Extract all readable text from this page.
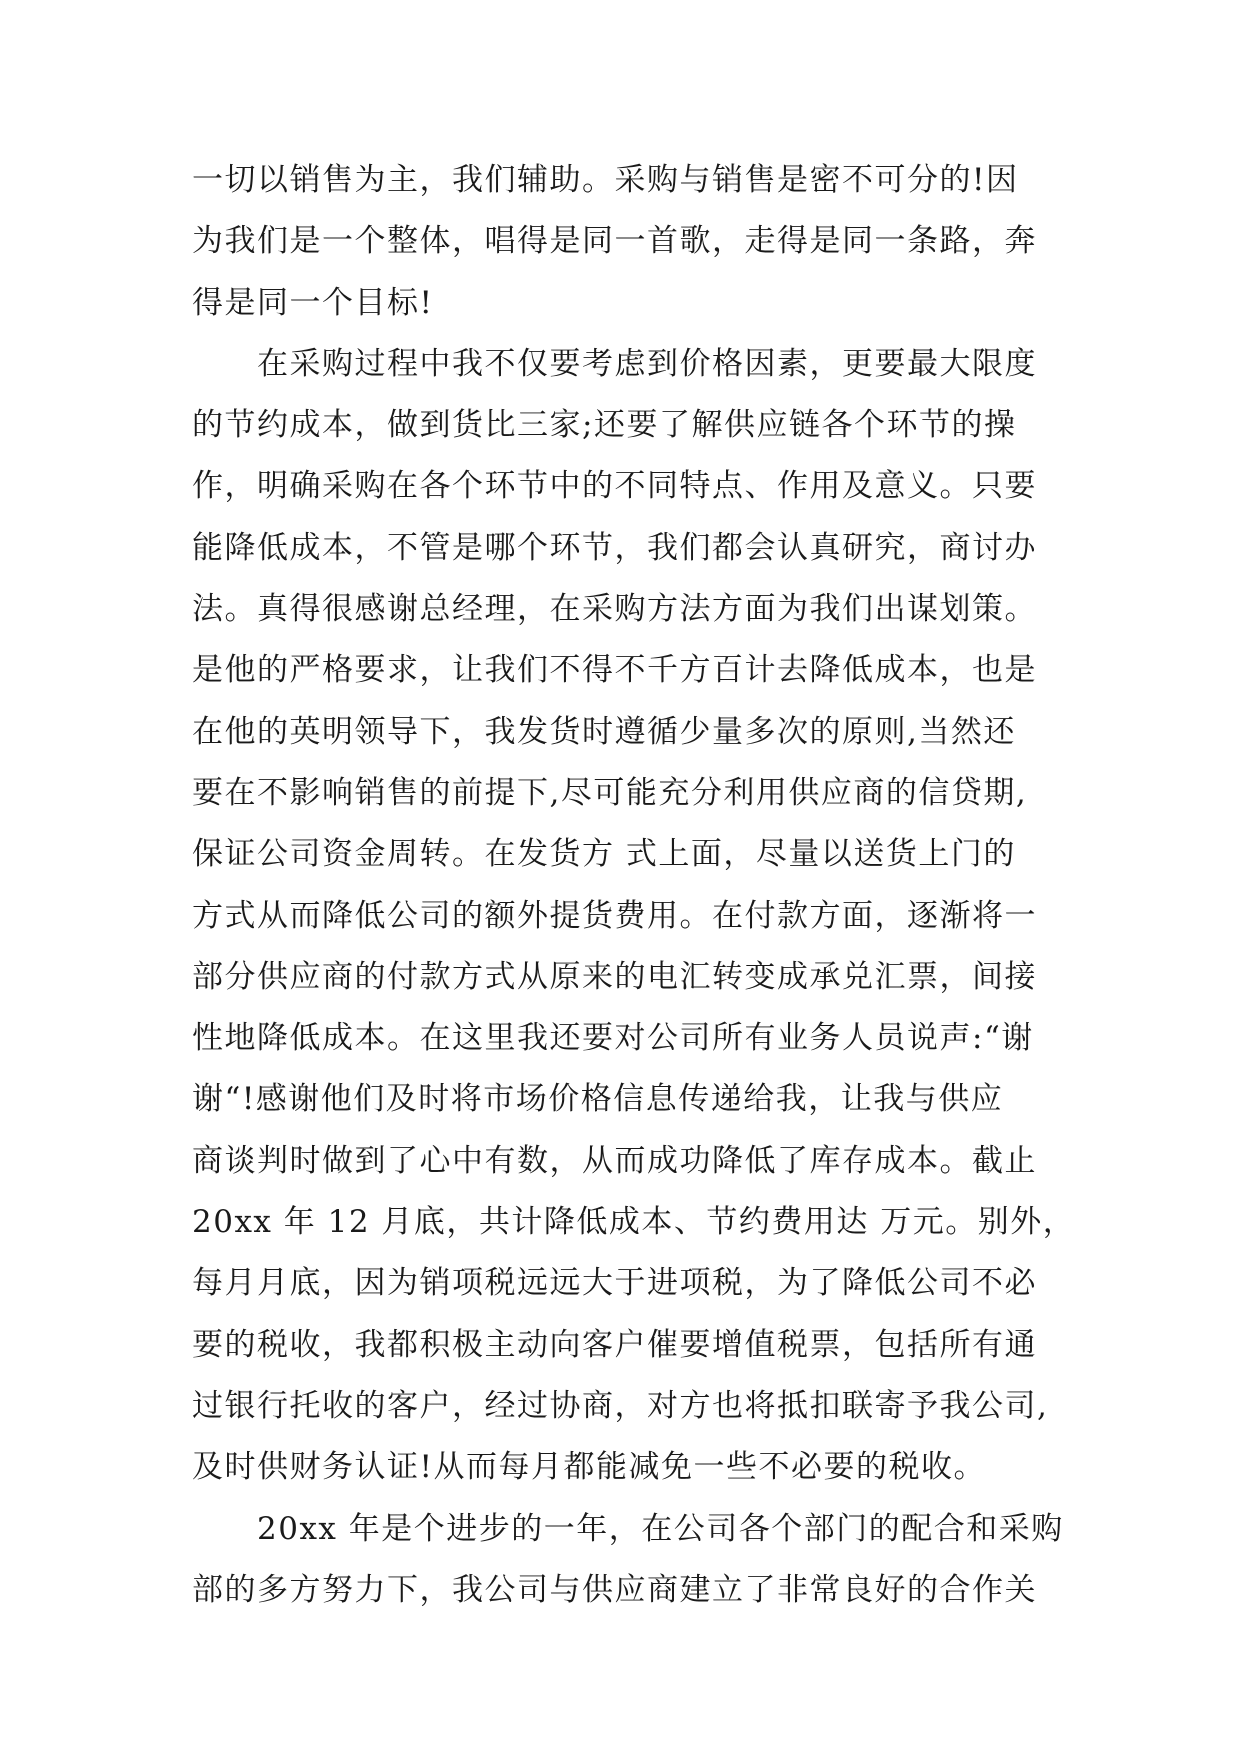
一切以销售为主，我们辅助。采购与销售是密不可分的!因
为我们是一个整体，唱得是同一首歌，走得是同一条路，奔
得是同一个目标!
　　在采购过程中我不仅要考虑到价格因素，更要最大限度
的节约成本，做到货比三家;还要了解供应链各个环节的操
作，明确采购在各个环节中的不同特点、作用及意义。只要
能降低成本，不管是哪个环节，我们都会认真研究，商讨办
法。真得很感谢总经理，在采购方法方面为我们出谋划策。
是他的严格要求，让我们不得不千方百计去降低成本，也是
在他的英明领导下，我发货时遵循少量多次的原则,当然还
要在不影响销售的前提下,尽可能充分利用供应商的信贷期,
保证公司资金周转。在发货方 式上面，尽量以送货上门的
方式从而降低公司的额外提货费用。在付款方面，逐渐将一
部分供应商的付款方式从原来的电汇转变成承兑汇票，间接
性地降低成本。在这里我还要对公司所有业务人员说声:“谢
谢“!感谢他们及时将市场价格信息传递给我，让我与供应
商谈判时做到了心中有数，从而成功降低了库存成本。截止
20xx 年 12 月底，共计降低成本、节约费用达 万元。别外，
每月月底，因为销项税远远大于进项税，为了降低公司不必
要的税收，我都积极主动向客户催要增值税票，包括所有通
过银行托收的客户，经过协商，对方也将抵扣联寄予我公司,
及时供财务认证!从而每月都能减免一些不必要的税收。
　　20xx 年是个进步的一年，在公司各个部门的配合和采购
部的多方努力下，我公司与供应商建立了非常良好的合作关
